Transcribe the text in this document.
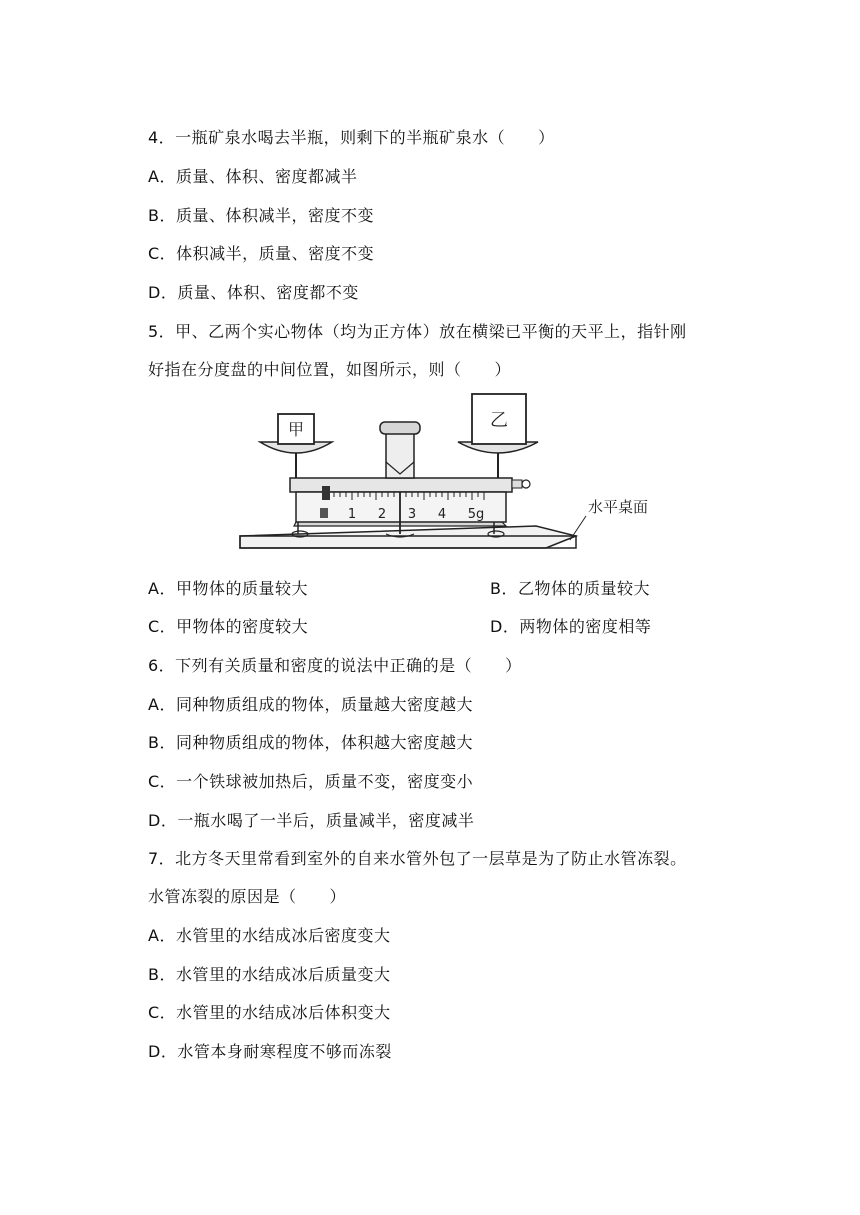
4．一瓶矿泉水喝去半瓶，则剩下的半瓶矿泉水（　　）
A．质量、体积、密度都减半
B．质量、体积减半，密度不变
C．体积减半，质量、密度不变
D．质量、体积、密度都不变
5．甲、乙两个实心物体（均为正方体）放在横梁已平衡的天平上，指针刚
好指在分度盘的中间位置，如图所示，则（　　）
1 2 3 4 5g
甲	乙
水平桌面
A．甲物体的质量较大	B．乙物体的质量较大
C．甲物体的密度较大	D．两物体的密度相等
6．下列有关质量和密度的说法中正确的是（　　）
A．同种物质组成的物体，质量越大密度越大
B．同种物质组成的物体，体积越大密度越大
C．一个铁球被加热后，质量不变，密度变小
D．一瓶水喝了一半后，质量减半，密度减半
7．北方冬天里常看到室外的自来水管外包了一层草是为了防止水管冻裂。
水管冻裂的原因是（　　）
A．水管里的水结成冰后密度变大
B．水管里的水结成冰后质量变大
C．水管里的水结成冰后体积变大
D．水管本身耐寒程度不够而冻裂
